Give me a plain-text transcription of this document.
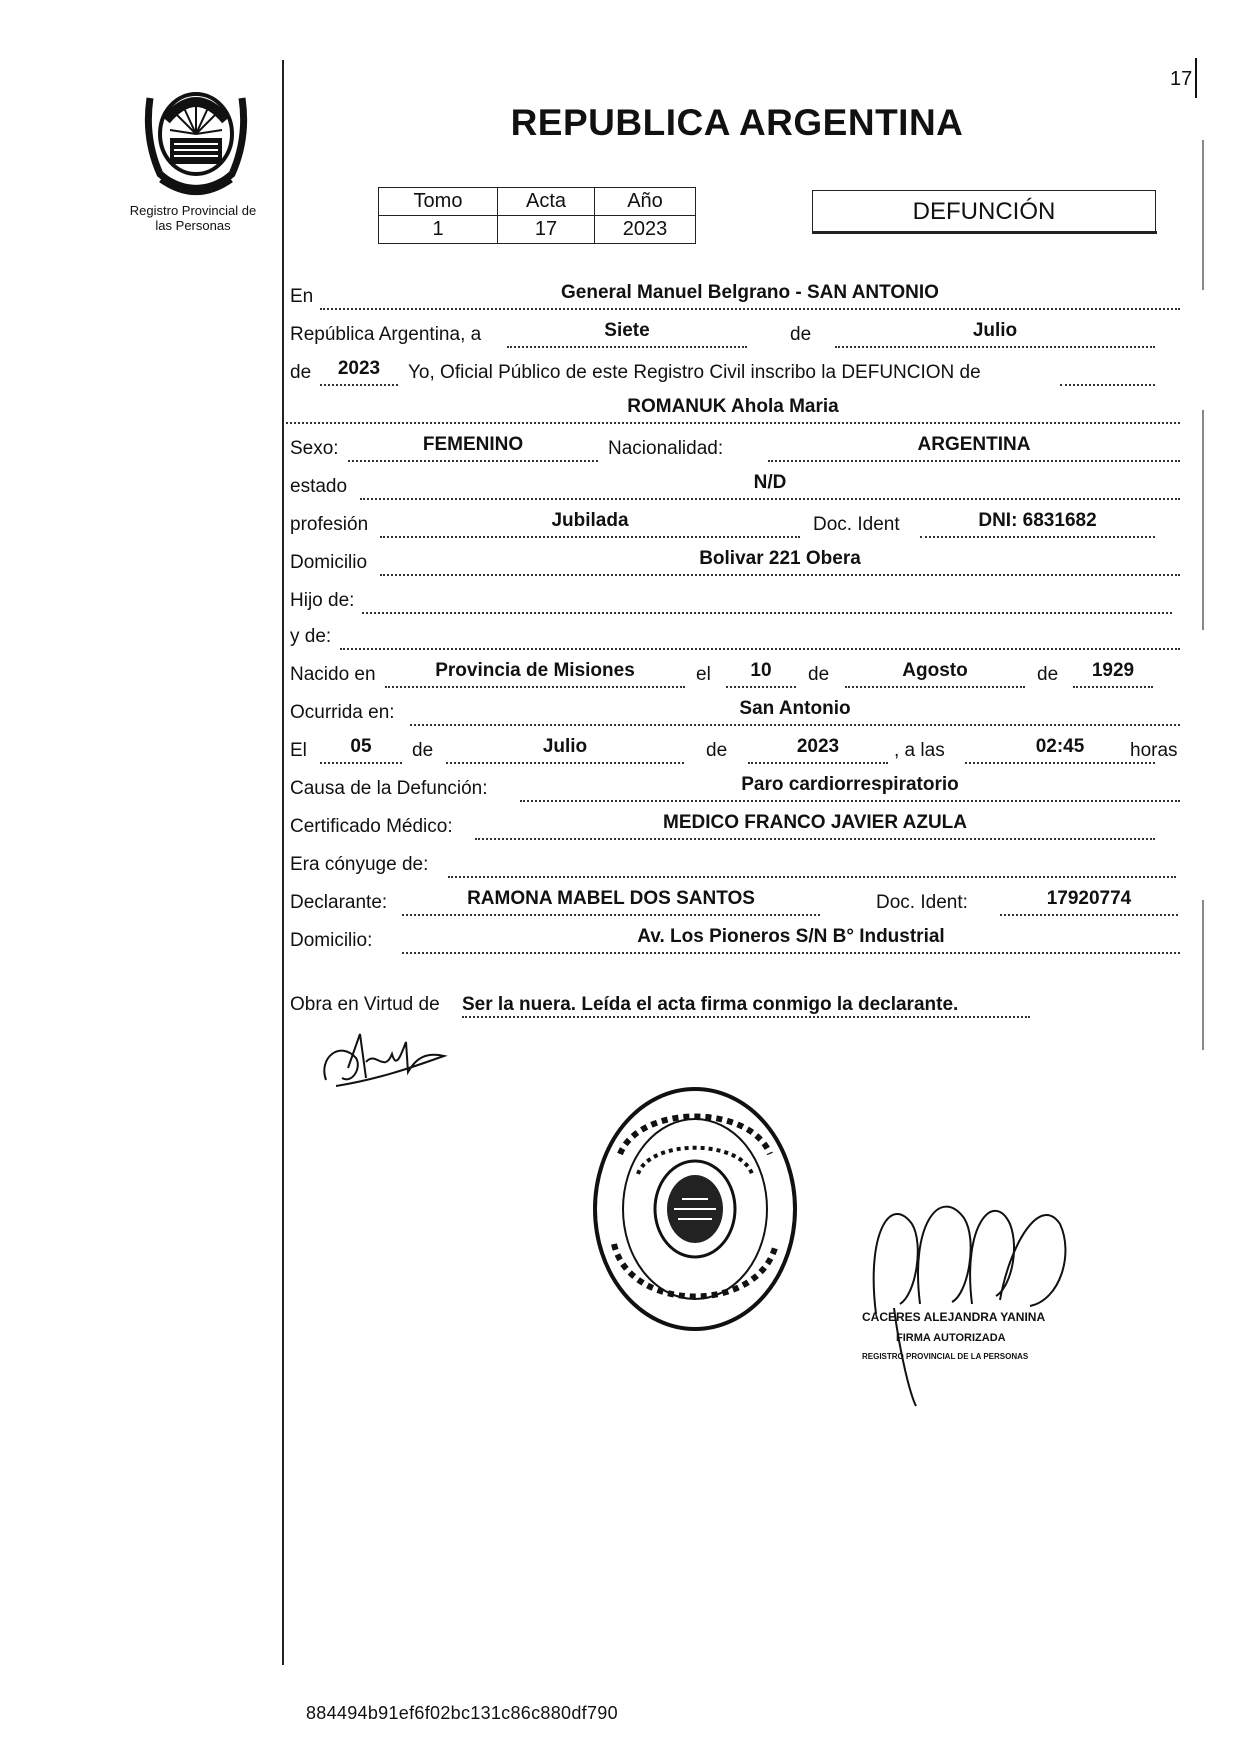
Registro Provincial de
las Personas
17
REPUBLICA ARGENTINA
Tomo	Acta	Año
1	17	2023
DEFUNCIÓN
En	General Manuel Belgrano - SAN ANTONIO
República Argentina, a	Siete	de	Julio
de	2023	Yo, Oficial Público de este Registro Civil inscribo la DEFUNCION de
ROMANUK Ahola Maria
Sexo:	FEMENINO	Nacionalidad:	ARGENTINA
estado	N/D
profesión	Jubilada	Doc. Ident	DNI: 6831682
Domicilio	Bolivar 221 Obera
Hijo de:
y de:
Nacido en	Provincia de Misiones	el	10	de	Agosto	de	1929
Ocurrida en:	San Antonio
El	05	de	Julio	de	2023	, a las	02:45	horas
Causa de la Defunción:	Paro cardiorrespiratorio
Certificado Médico:	MEDICO FRANCO JAVIER AZULA
Era cónyuge de:
Declarante:	RAMONA MABEL DOS SANTOS	Doc. Ident:	17920774
Domicilio:	Av. Los Pioneros S/N B° Industrial
Obra en Virtud de Ser la nuera. Leída el acta firma conmigo la declarante.
CACERES ALEJANDRA YANINA
FIRMA AUTORIZADA
REGISTRO PROVINCIAL DE LA PERSONAS
884494b91ef6f02bc131c86c880df790
